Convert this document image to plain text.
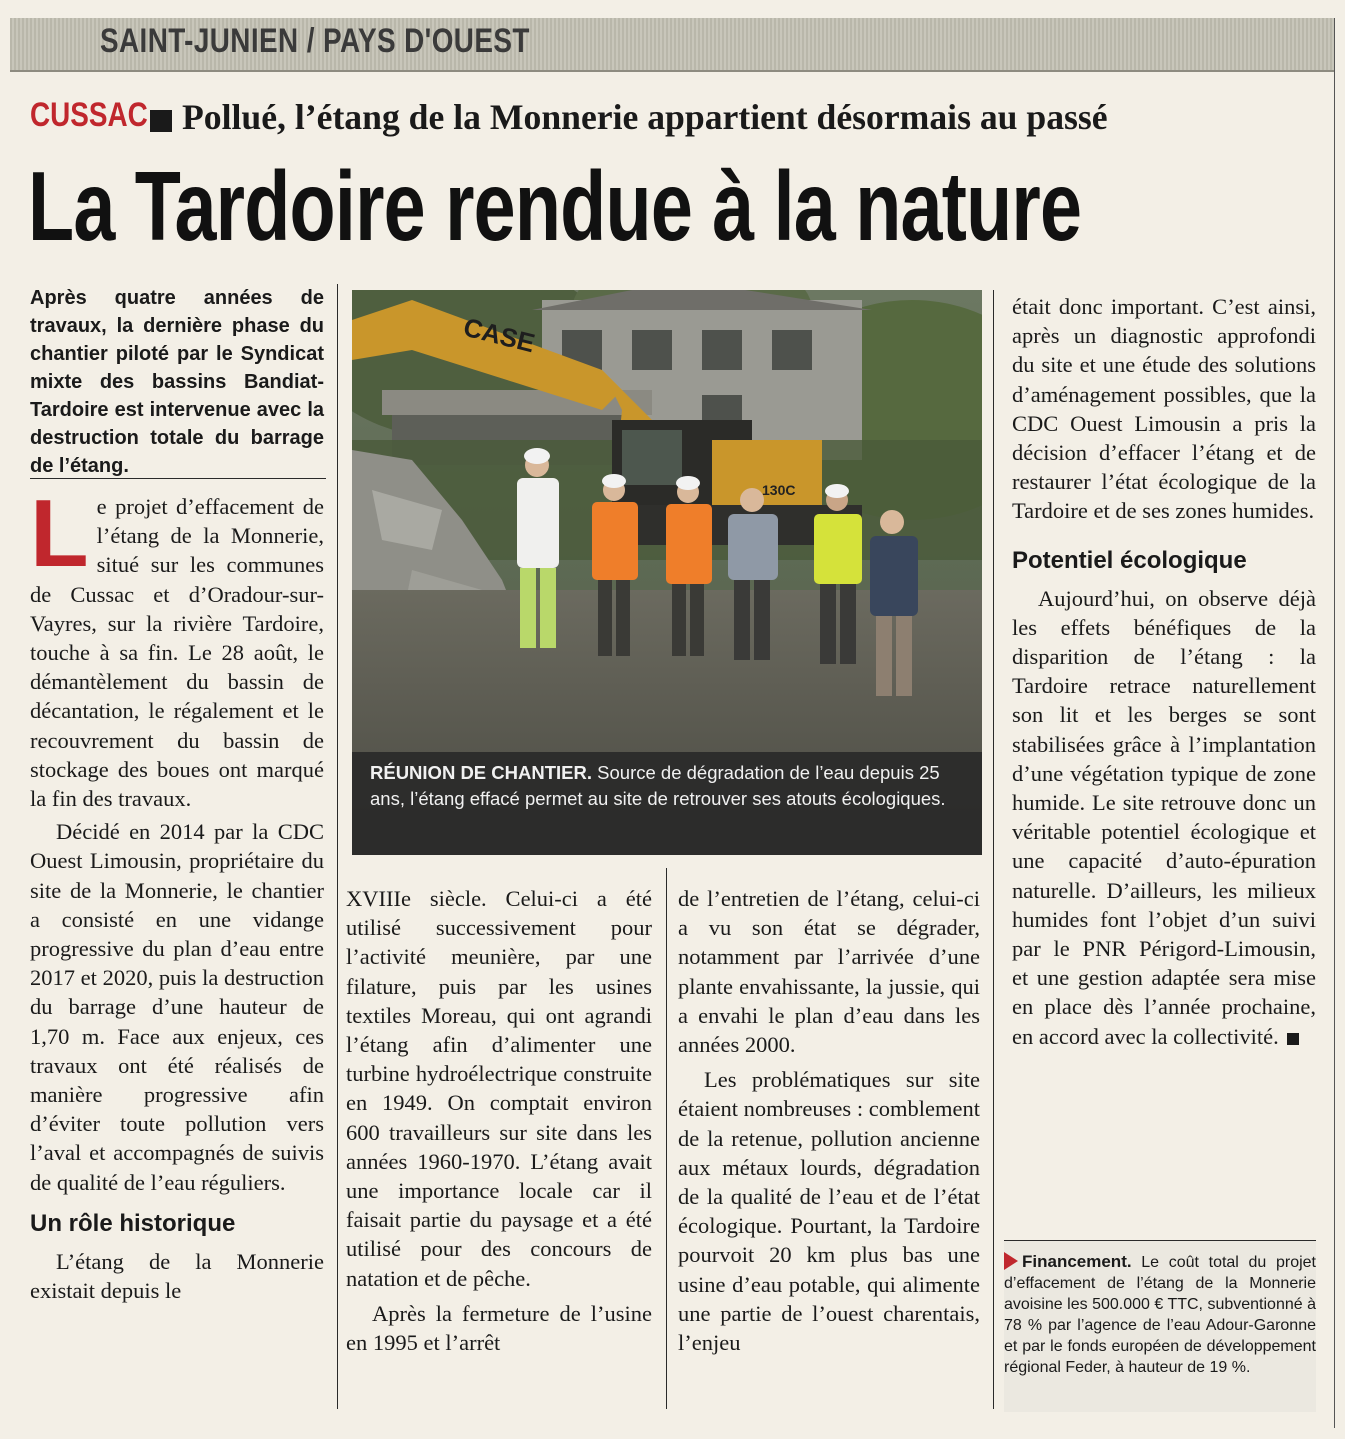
SAINT-JUNIEN / PAYS D'OUEST
CUSSAC Pollué, l’étang de la Monnerie appartient désormais au passé
La Tardoire rendue à la nature
Après quatre années de travaux, la dernière phase du chantier piloté par le Syndicat mixte des bassins Bandiat-Tardoire est intervenue avec la destruction totale du barrage de l’étang.

Le projet d’effacement de l’étang de la Monnerie, situé sur les communes de Cussac et d’Oradour-sur-Vayres, sur la rivière Tardoire, touche à sa fin. Le 28 août, le démantèlement du bassin de décantation, le régalement et le recouvrement du bassin de stockage des boues ont marqué la fin des travaux.

Décidé en 2014 par la CDC Ouest Limousin, propriétaire du site de la Monnerie, le chantier a consisté en une vidange progressive du plan d’eau entre 2017 et 2020, puis la destruction du barrage d’une hauteur de 1,70 m. Face aux enjeux, ces travaux ont été réalisés de manière progressive afin d’éviter toute pollution vers l’aval et accompagnés de suivis de qualité de l’eau réguliers.

Un rôle historique

L’étang de la Monnerie existait depuis le

CASE
130C
RÉUNION DE CHANTIER. Source de dégradation de l’eau depuis 25 ans, l’étang effacé permet au site de retrouver ses atouts écologiques.

XVIIIe siècle. Celui-ci a été utilisé successivement pour l’activité meunière, par une filature, puis par les usines textiles Moreau, qui ont agrandi l’étang afin d’alimenter une turbine hydroélectrique construite en 1949. On comptait environ 600 travailleurs sur site dans les années 1960-1970. L’étang avait une importance locale car il faisait partie du paysage et a été utilisé pour des concours de natation et de pêche.

Après la fermeture de l’usine en 1995 et l’arrêt

de l’entretien de l’étang, celui-ci a vu son état se dégrader, notamment par l’arrivée d’une plante envahissante, la jussie, qui a envahi le plan d’eau dans les années 2000.

Les problématiques sur site étaient nombreuses : comblement de la retenue, pollution ancienne aux métaux lourds, dégradation de la qualité de l’eau et de l’état écologique. Pourtant, la Tardoire pourvoit 20 km plus bas une usine d’eau potable, qui alimente une partie de l’ouest charentais, l’enjeu

était donc important. C’est ainsi, après un diagnostic approfondi du site et une étude des solutions d’aménagement possibles, que la CDC Ouest Limousin a pris la décision d’effacer l’étang et de restaurer l’état écologique de la Tardoire et de ses zones humides.

Potentiel écologique

Aujourd’hui, on observe déjà les effets bénéfiques de la disparition de l’étang : la Tardoire retrace naturellement son lit et les berges se sont stabilisées grâce à l’implantation d’une végétation typique de zone humide. Le site retrouve donc un véritable potentiel écologique et une capacité d’auto-épuration naturelle. D’ailleurs, les milieux humides font l’objet d’un suivi par le PNR Périgord-Limousin, et une gestion adaptée sera mise en place dès l’année prochaine, en accord avec la collectivité.

Financement. Le coût total du projet d’effacement de l’étang de la Monnerie avoisine les 500.000 € TTC, subventionné à 78 % par l’agence de l’eau Adour-Garonne et par le fonds européen de développement régional Feder, à hauteur de 19 %.
